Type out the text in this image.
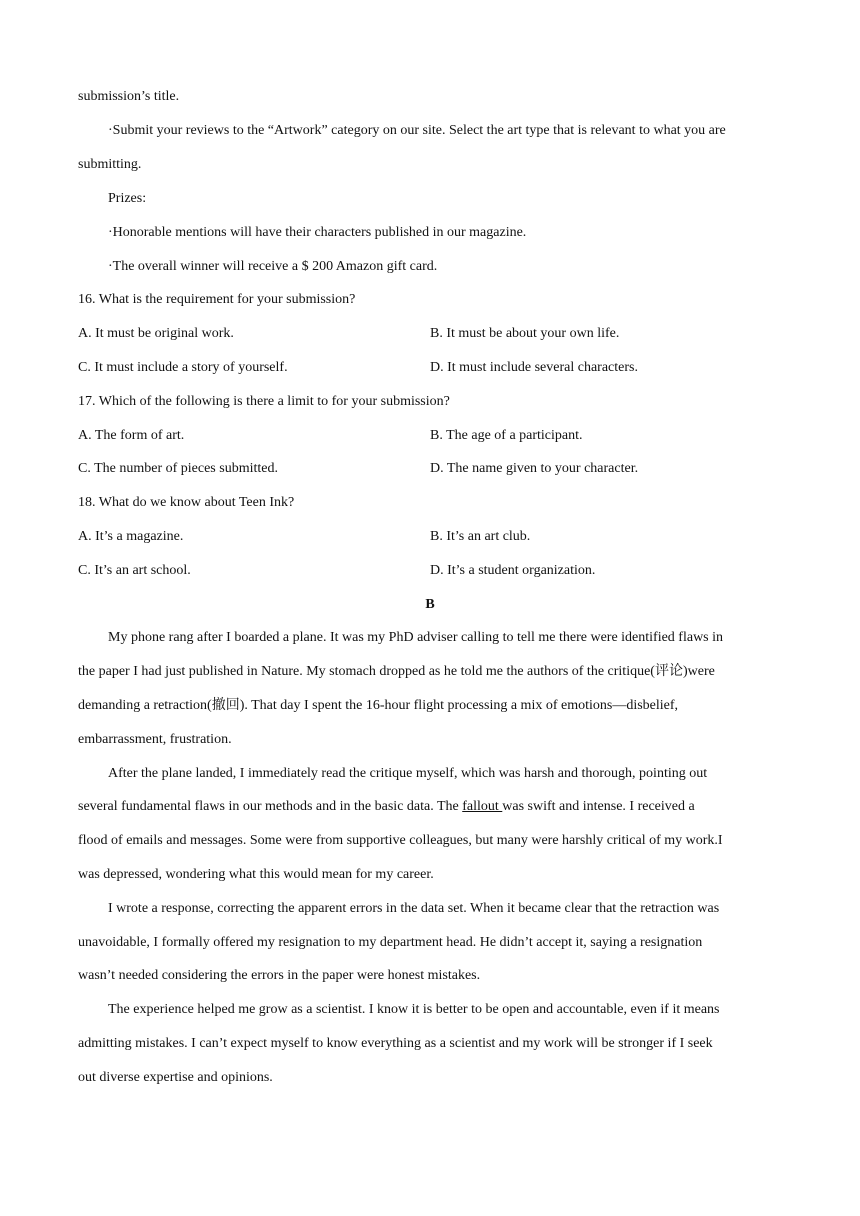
submission’s title.
·Submit your reviews to the “Artwork” category on our site. Select the art type that is relevant to what you are
submitting.
Prizes:
·Honorable mentions will have their characters published in our magazine.
·The overall winner will receive a $ 200 Amazon gift card.
16. What is the requirement for your submission?
A. It must be original work.	B. It must be about your own life.
C. It must include a story of yourself.	D. It must include several characters.
17. Which of the following is there a limit to for your submission?
A. The form of art.	B. The age of a participant.
C. The number of pieces submitted.	D. The name given to your character.
18. What do we know about Teen Ink?
A. It’s a magazine.	B. It’s an art club.
C. It’s an art school.	D. It’s a student organization.
B
My phone rang after I boarded a plane. It was my PhD adviser calling to tell me there were identified flaws in
the paper I had just published in Nature. My stomach dropped as he told me the authors of the critique(评论)were
demanding a retraction(撤回). That day I spent the 16-hour flight processing a mix of emotions—disbelief,
embarrassment, frustration.
After the plane landed, I immediately read the critique myself, which was harsh and thorough, pointing out
several fundamental flaws in our methods and in the basic data. The fallout was swift and intense. I received a
flood of emails and messages. Some were from supportive colleagues, but many were harshly critical of my work.I
was depressed, wondering what this would mean for my career.
I wrote a response, correcting the apparent errors in the data set. When it became clear that the retraction was
unavoidable, I formally offered my resignation to my department head. He didn’t accept it, saying a resignation
wasn’t needed considering the errors in the paper were honest mistakes.
The experience helped me grow as a scientist. I know it is better to be open and accountable, even if it means
admitting mistakes. I can’t expect myself to know everything as a scientist and my work will be stronger if I seek
out diverse expertise and opinions.
